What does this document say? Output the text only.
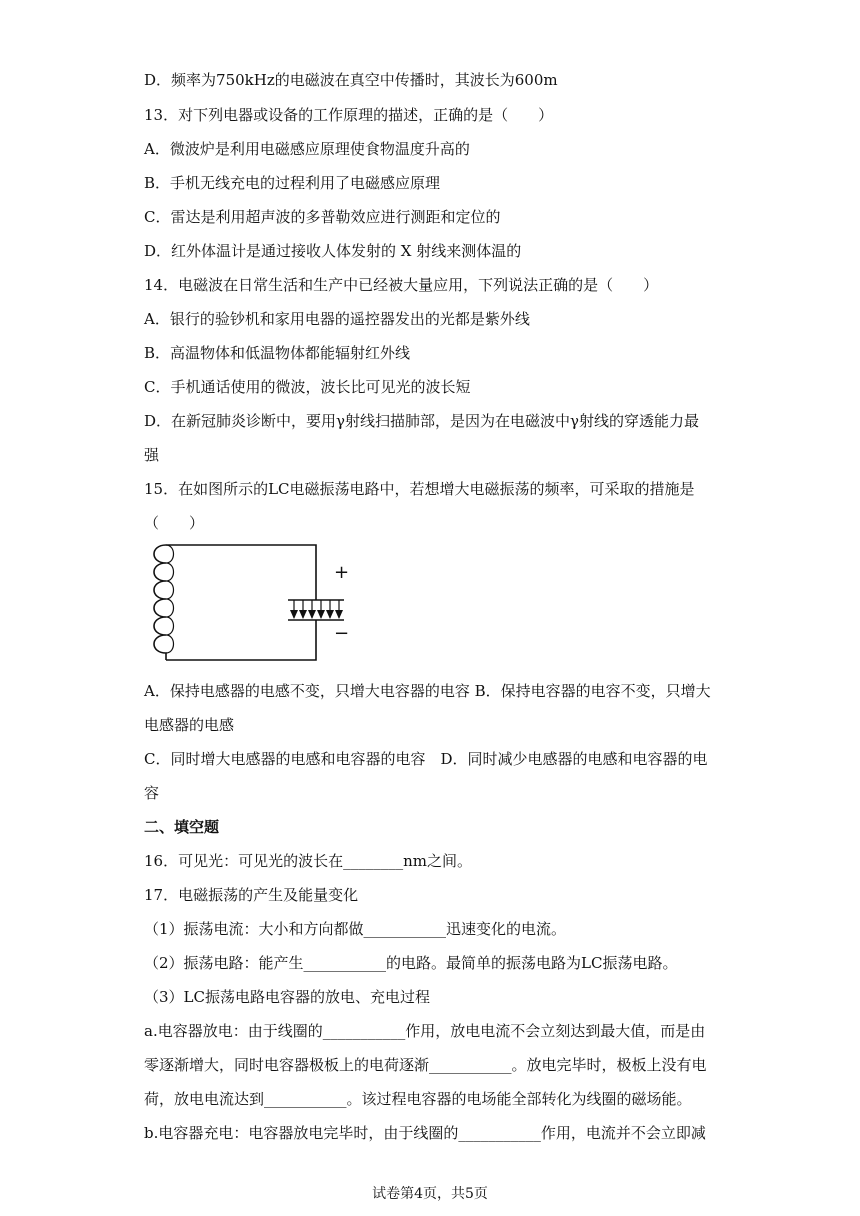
D．频率为750kHz的电磁波在真空中传播时，其波长为600m
13．对下列电器或设备的工作原理的描述，正确的是（　　）
A．微波炉是利用电磁感应原理使食物温度升高的
B．手机无线充电的过程利用了电磁感应原理
C．雷达是利用超声波的多普勒效应进行测距和定位的
D．红外体温计是通过接收人体发射的 X 射线来测体温的
14．电磁波在日常生活和生产中已经被大量应用，下列说法正确的是（　　）
A．银行的验钞机和家用电器的遥控器发出的光都是紫外线
B．高温物体和低温物体都能辐射红外线
C．手机通话使用的微波，波长比可见光的波长短
D．在新冠肺炎诊断中，要用γ射线扫描肺部，是因为在电磁波中γ射线的穿透能力最
强
15．在如图所示的LC电磁振荡电路中，若想增大电磁振荡的频率，可采取的措施是
（　　）
+
−
A．保持电感器的电感不变，只增大电容器的电容 B．保持电容器的电容不变，只增大
电感器的电感
C．同时增大电感器的电感和电容器的电容　D．同时减少电感器的电感和电容器的电
容
二、填空题
16．可见光：可见光的波长在________nm之间。
17．电磁振荡的产生及能量变化
（1）振荡电流：大小和方向都做___________迅速变化的电流。
（2）振荡电路：能产生___________的电路。最简单的振荡电路为LC振荡电路。
（3）LC振荡电路电容器的放电、充电过程
a.电容器放电：由于线圈的___________作用，放电电流不会立刻达到最大值，而是由
零逐渐增大，同时电容器极板上的电荷逐渐___________。放电完毕时，极板上没有电
荷，放电电流达到___________。该过程电容器的电场能全部转化为线圈的磁场能。
b.电容器充电：电容器放电完毕时，由于线圈的___________作用，电流并不会立即减
试卷第4页，共5页
